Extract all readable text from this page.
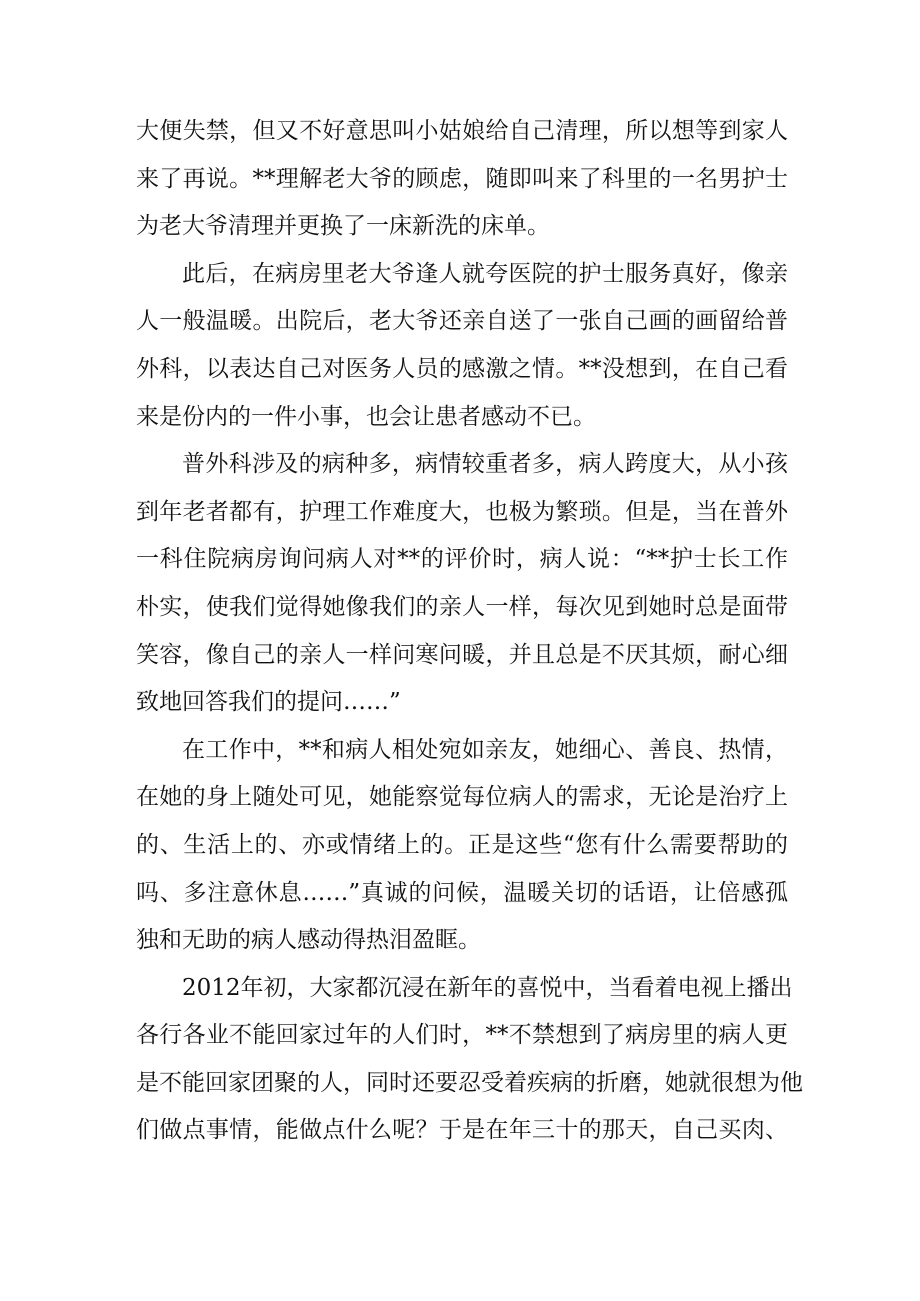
大便失禁，但又不好意思叫小姑娘给自己清理，所以想等到家人
来了再说。**理解老大爷的顾虑，随即叫来了科里的一名男护士
为老大爷清理并更换了一床新洗的床单。
此后，在病房里老大爷逢人就夸医院的护士服务真好，像亲
人一般温暖。出院后，老大爷还亲自送了一张自己画的画留给普
外科，以表达自己对医务人员的感激之情。**没想到，在自己看
来是份内的一件小事，也会让患者感动不已。
普外科涉及的病种多，病情较重者多，病人跨度大，从小孩
到年老者都有，护理工作难度大，也极为繁琐。但是，当在普外
一科住院病房询问病人对**的评价时，病人说：“**护士长工作
朴实，使我们觉得她像我们的亲人一样，每次见到她时总是面带
笑容，像自己的亲人一样问寒问暖，并且总是不厌其烦，耐心细
致地回答我们的提问……”
在工作中，**和病人相处宛如亲友，她细心、善良、热情，
在她的身上随处可见，她能察觉每位病人的需求，无论是治疗上
的、生活上的、亦或情绪上的。正是这些“您有什么需要帮助的
吗、多注意休息……”真诚的问候，温暖关切的话语，让倍感孤
独和无助的病人感动得热泪盈眶。
2012年初，大家都沉浸在新年的喜悦中，当看着电视上播出
各行各业不能回家过年的人们时，**不禁想到了病房里的病人更
是不能回家团聚的人，同时还要忍受着疾病的折磨，她就很想为他
们做点事情，能做点什么呢？于是在年三十的那天，自己买肉、
